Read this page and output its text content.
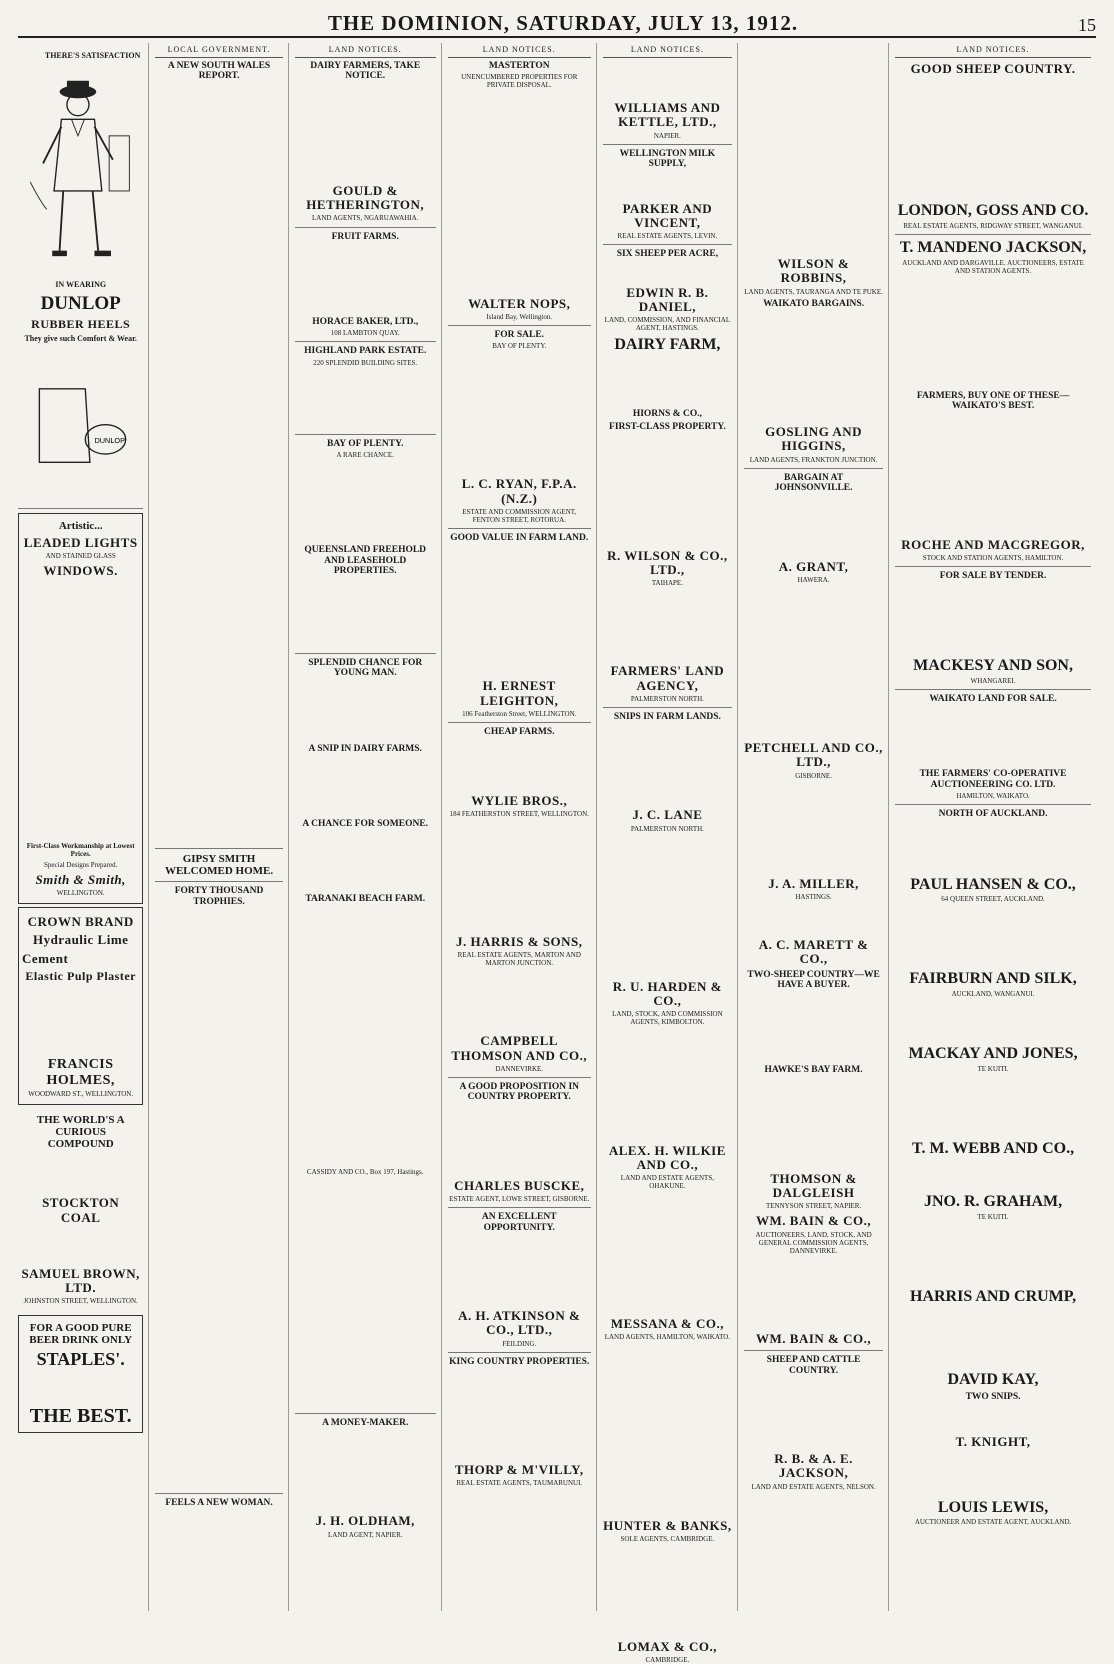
THE DOMINION, SATURDAY, JULY 13, 1912.	15
THERE'S SATISFACTION
IN WEARING
DUNLOP
RUBBER HEELS
They give such Comfort & Wear.
DUNLOP
Artistic...
LEADED LIGHTS
AND STAINED GLASS
WINDOWS.
First-Class Workmanship at Lowest Prices.
Special Designs Prepared.
Smith & Smith,
WELLINGTON.
CROWN BRAND
Hydraulic Lime
Cement
Elastic Pulp Plaster
FRANCIS HOLMES,
WOODWARD ST., WELLINGTON.
THE WORLD'S A CURIOUS COMPOUND
STOCKTON COAL
SAMUEL BROWN, LTD.
JOHNSTON STREET, WELLINGTON.
FOR A GOOD PURE BEER DRINK ONLY
STAPLES'.
THE BEST.
LOCAL GOVERNMENT.
A NEW SOUTH WALES REPORT.
GIPSY SMITH WELCOMED HOME.
FORTY THOUSAND TROPHIES.
FEELS A NEW WOMAN.
LAND NOTICES.
DAIRY FARMERS, TAKE NOTICE.
GOULD & HETHERINGTON,
LAND AGENTS, NGARUAWAHIA.
FRUIT FARMS.
HORACE BAKER, LTD.,
108 LAMBTON QUAY.
HIGHLAND PARK ESTATE.
220 SPLENDID BUILDING SITES.
BAY OF PLENTY.
A RARE CHANCE.
QUEENSLAND FREEHOLD AND LEASEHOLD PROPERTIES.
SPLENDID CHANCE FOR YOUNG MAN.
A SNIP IN DAIRY FARMS.
A CHANCE FOR SOMEONE.
TARANAKI BEACH FARM.
CASSIDY AND CO., Box 197, Hastings.
A MONEY-MAKER.
J. H. OLDHAM,
LAND AGENT, NAPIER.
LAND NOTICES.
MASTERTON
UNENCUMBERED PROPERTIES FOR PRIVATE DISPOSAL.
WALTER NOPS,
Island Bay, Wellington.
FOR SALE.
BAY OF PLENTY.
L. C. RYAN, F.P.A. (N.Z.)
ESTATE AND COMMISSION AGENT, FENTON STREET, ROTORUA.
GOOD VALUE IN FARM LAND.
H. ERNEST LEIGHTON,
106 Featherston Street, WELLINGTON.
CHEAP FARMS.
WYLIE BROS.,
184 FEATHERSTON STREET, WELLINGTON.
J. HARRIS & SONS,
REAL ESTATE AGENTS, MARTON AND MARTON JUNCTION.
CAMPBELL THOMSON AND CO.,
DANNEVIRKE.
A GOOD PROPOSITION IN COUNTRY PROPERTY.
CHARLES BUSCKE,
ESTATE AGENT, LOWE STREET, GISBORNE.
AN EXCELLENT OPPORTUNITY.
A. H. ATKINSON & CO., LTD.,
FEILDING.
KING COUNTRY PROPERTIES.
THORP & M'VILLY,
REAL ESTATE AGENTS, TAUMARUNUI.
LAND NOTICES.
WILLIAMS AND KETTLE, LTD.,
NAPIER.
WELLINGTON MILK SUPPLY,
PARKER AND VINCENT,
REAL ESTATE AGENTS, LEVIN.
SIX SHEEP PER ACRE,
EDWIN R. B. DANIEL,
LAND, COMMISSION, AND FINANCIAL AGENT, HASTINGS.
DAIRY FARM,
HIORNS & CO.,
FIRST-CLASS PROPERTY.
R. WILSON & CO., LTD.,
TAIHAPE.
FARMERS' LAND AGENCY,
PALMERSTON NORTH.
SNIPS IN FARM LANDS.
J. C. LANE
PALMERSTON NORTH.
R. U. HARDEN & CO.,
LAND, STOCK, AND COMMISSION AGENTS, KIMBOLTON.
ALEX. H. WILKIE AND CO.,
LAND AND ESTATE AGENTS, OHAKUNE.
MESSANA & CO.,
LAND AGENTS, HAMILTON, WAIKATO.
HUNTER & BANKS,
SOLE AGENTS, CAMBRIDGE.
LOMAX & CO.,
CAMBRIDGE.
WILSON & ROBBINS,
LAND AGENTS, TAURANGA AND TE PUKE.
WAIKATO BARGAINS.
GOSLING AND HIGGINS,
LAND AGENTS, FRANKTON JUNCTION.
BARGAIN AT JOHNSONVILLE.
A. GRANT,
HAWERA.
PETCHELL AND CO., LTD.,
GISBORNE.
J. A. MILLER,
HASTINGS.
A. C. MARETT & CO.,
TWO-SHEEP COUNTRY—WE HAVE A BUYER.
HAWKE'S BAY FARM.
THOMSON & DALGLEISH
TENNYSON STREET, NAPIER.
WM. BAIN & CO.,
AUCTIONEERS, LAND, STOCK, AND GENERAL COMMISSION AGENTS, DANNEVIRKE.
WM. BAIN & CO.,
SHEEP AND CATTLE COUNTRY.
R. B. & A. E. JACKSON,
LAND AND ESTATE AGENTS, NELSON.
LAND NOTICES.
GOOD SHEEP COUNTRY.
LONDON, GOSS AND CO.
REAL ESTATE AGENTS, RIDGWAY STREET, WANGANUI.
T. MANDENO JACKSON,
AUCKLAND AND DARGAVILLE. AUCTIONEERS, ESTATE AND STATION AGENTS.
FARMERS, BUY ONE OF THESE—WAIKATO'S BEST.
ROCHE AND MACGREGOR,
STOCK AND STATION AGENTS, HAMILTON.
FOR SALE BY TENDER.
MACKESY AND SON,
WHANGAREI.
WAIKATO LAND FOR SALE.
THE FARMERS' CO-OPERATIVE AUCTIONEERING CO. LTD.
HAMILTON, WAIKATO.
NORTH OF AUCKLAND.
PAUL HANSEN & CO.,
64 QUEEN STREET, AUCKLAND.
FAIRBURN AND SILK,
AUCKLAND, WANGANUI.
MACKAY AND JONES,
TE KUITI.
T. M. WEBB AND CO.,
JNO. R. GRAHAM,
TE KUITI.
HARRIS AND CRUMP,
DAVID KAY,
TWO SNIPS.
T. KNIGHT,
LOUIS LEWIS,
AUCTIONEER AND ESTATE AGENT, AUCKLAND.
